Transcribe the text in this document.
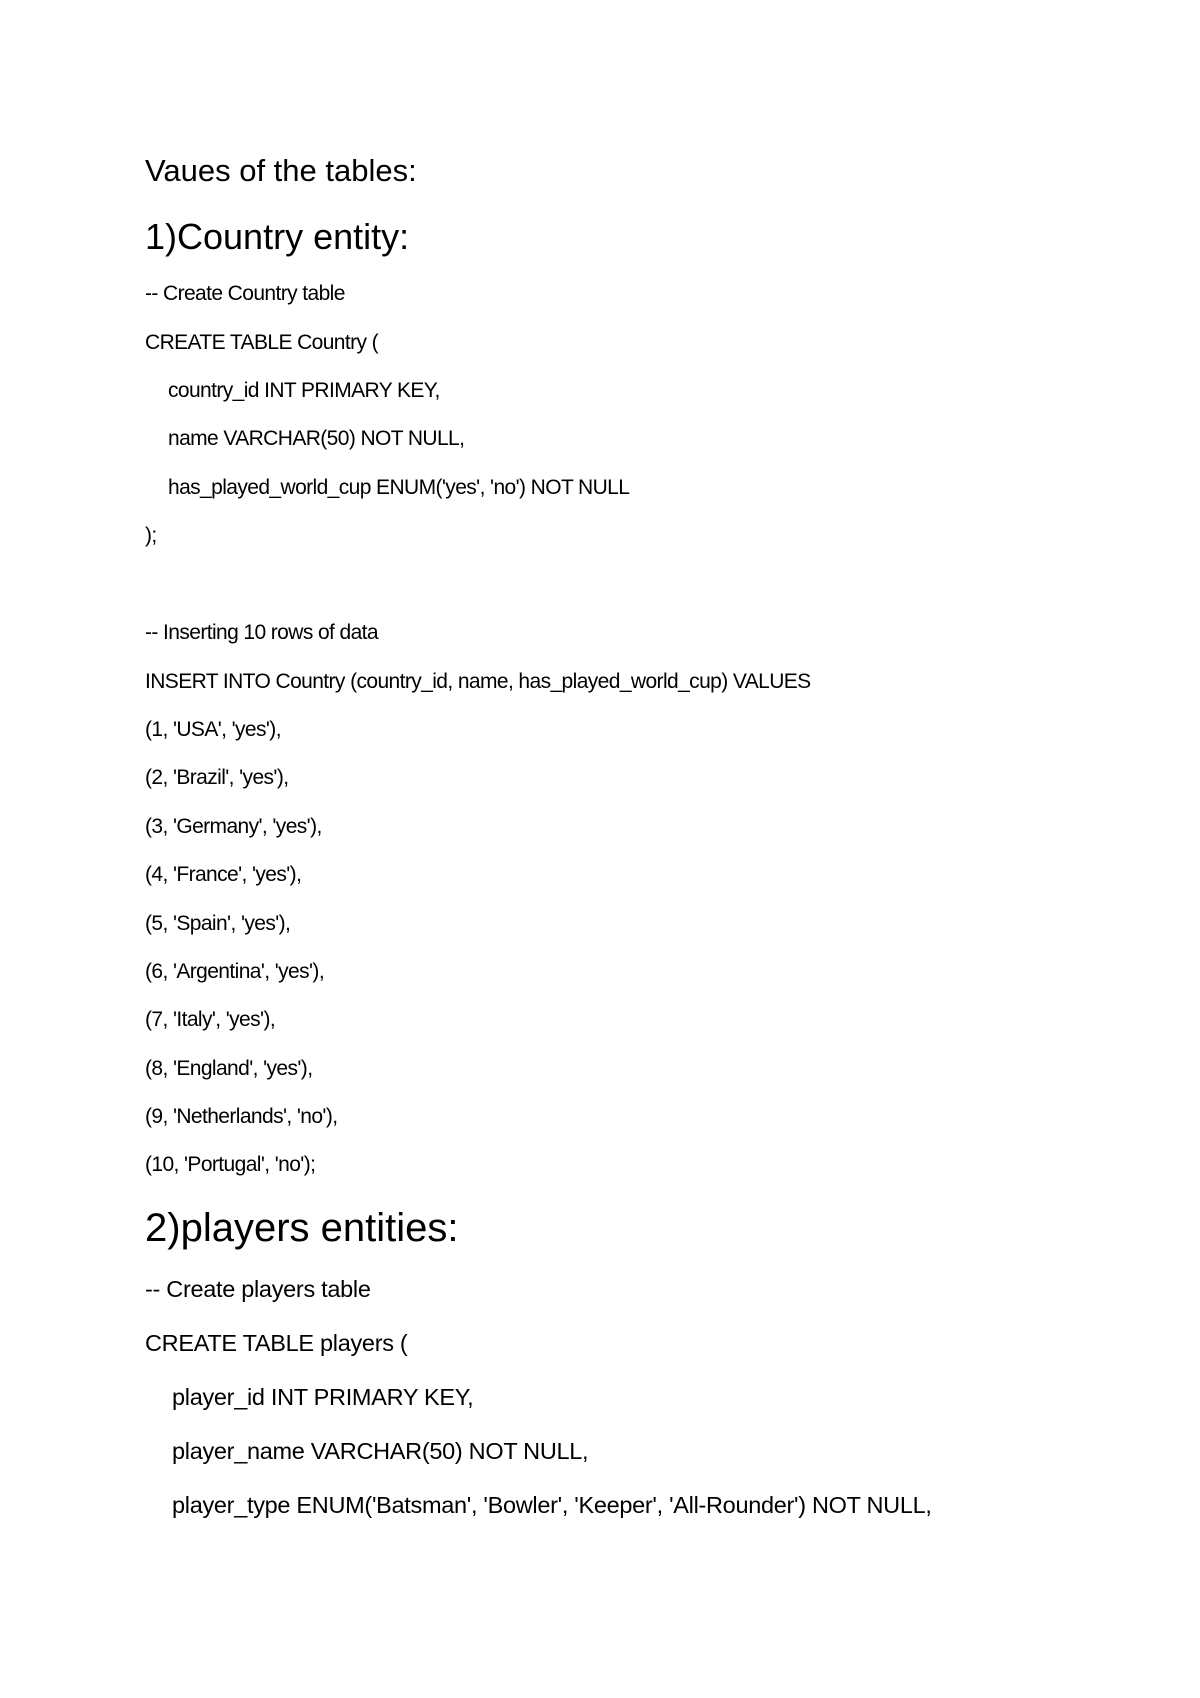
Vaues of the tables:
1)Country entity:
-- Create Country table
CREATE TABLE Country (
country_id INT PRIMARY KEY,
name VARCHAR(50) NOT NULL,
has_played_world_cup ENUM('yes', 'no') NOT NULL
);
-- Inserting 10 rows of data
INSERT INTO Country (country_id, name, has_played_world_cup) VALUES
(1, 'USA', 'yes'),
(2, 'Brazil', 'yes'),
(3, 'Germany', 'yes'),
(4, 'France', 'yes'),
(5, 'Spain', 'yes'),
(6, 'Argentina', 'yes'),
(7, 'Italy', 'yes'),
(8, 'England', 'yes'),
(9, 'Netherlands', 'no'),
(10, 'Portugal', 'no');
2)players entities:
-- Create players table
CREATE TABLE players (
player_id INT PRIMARY KEY,
player_name VARCHAR(50) NOT NULL,
player_type ENUM('Batsman', 'Bowler', 'Keeper', 'All-Rounder') NOT NULL,
